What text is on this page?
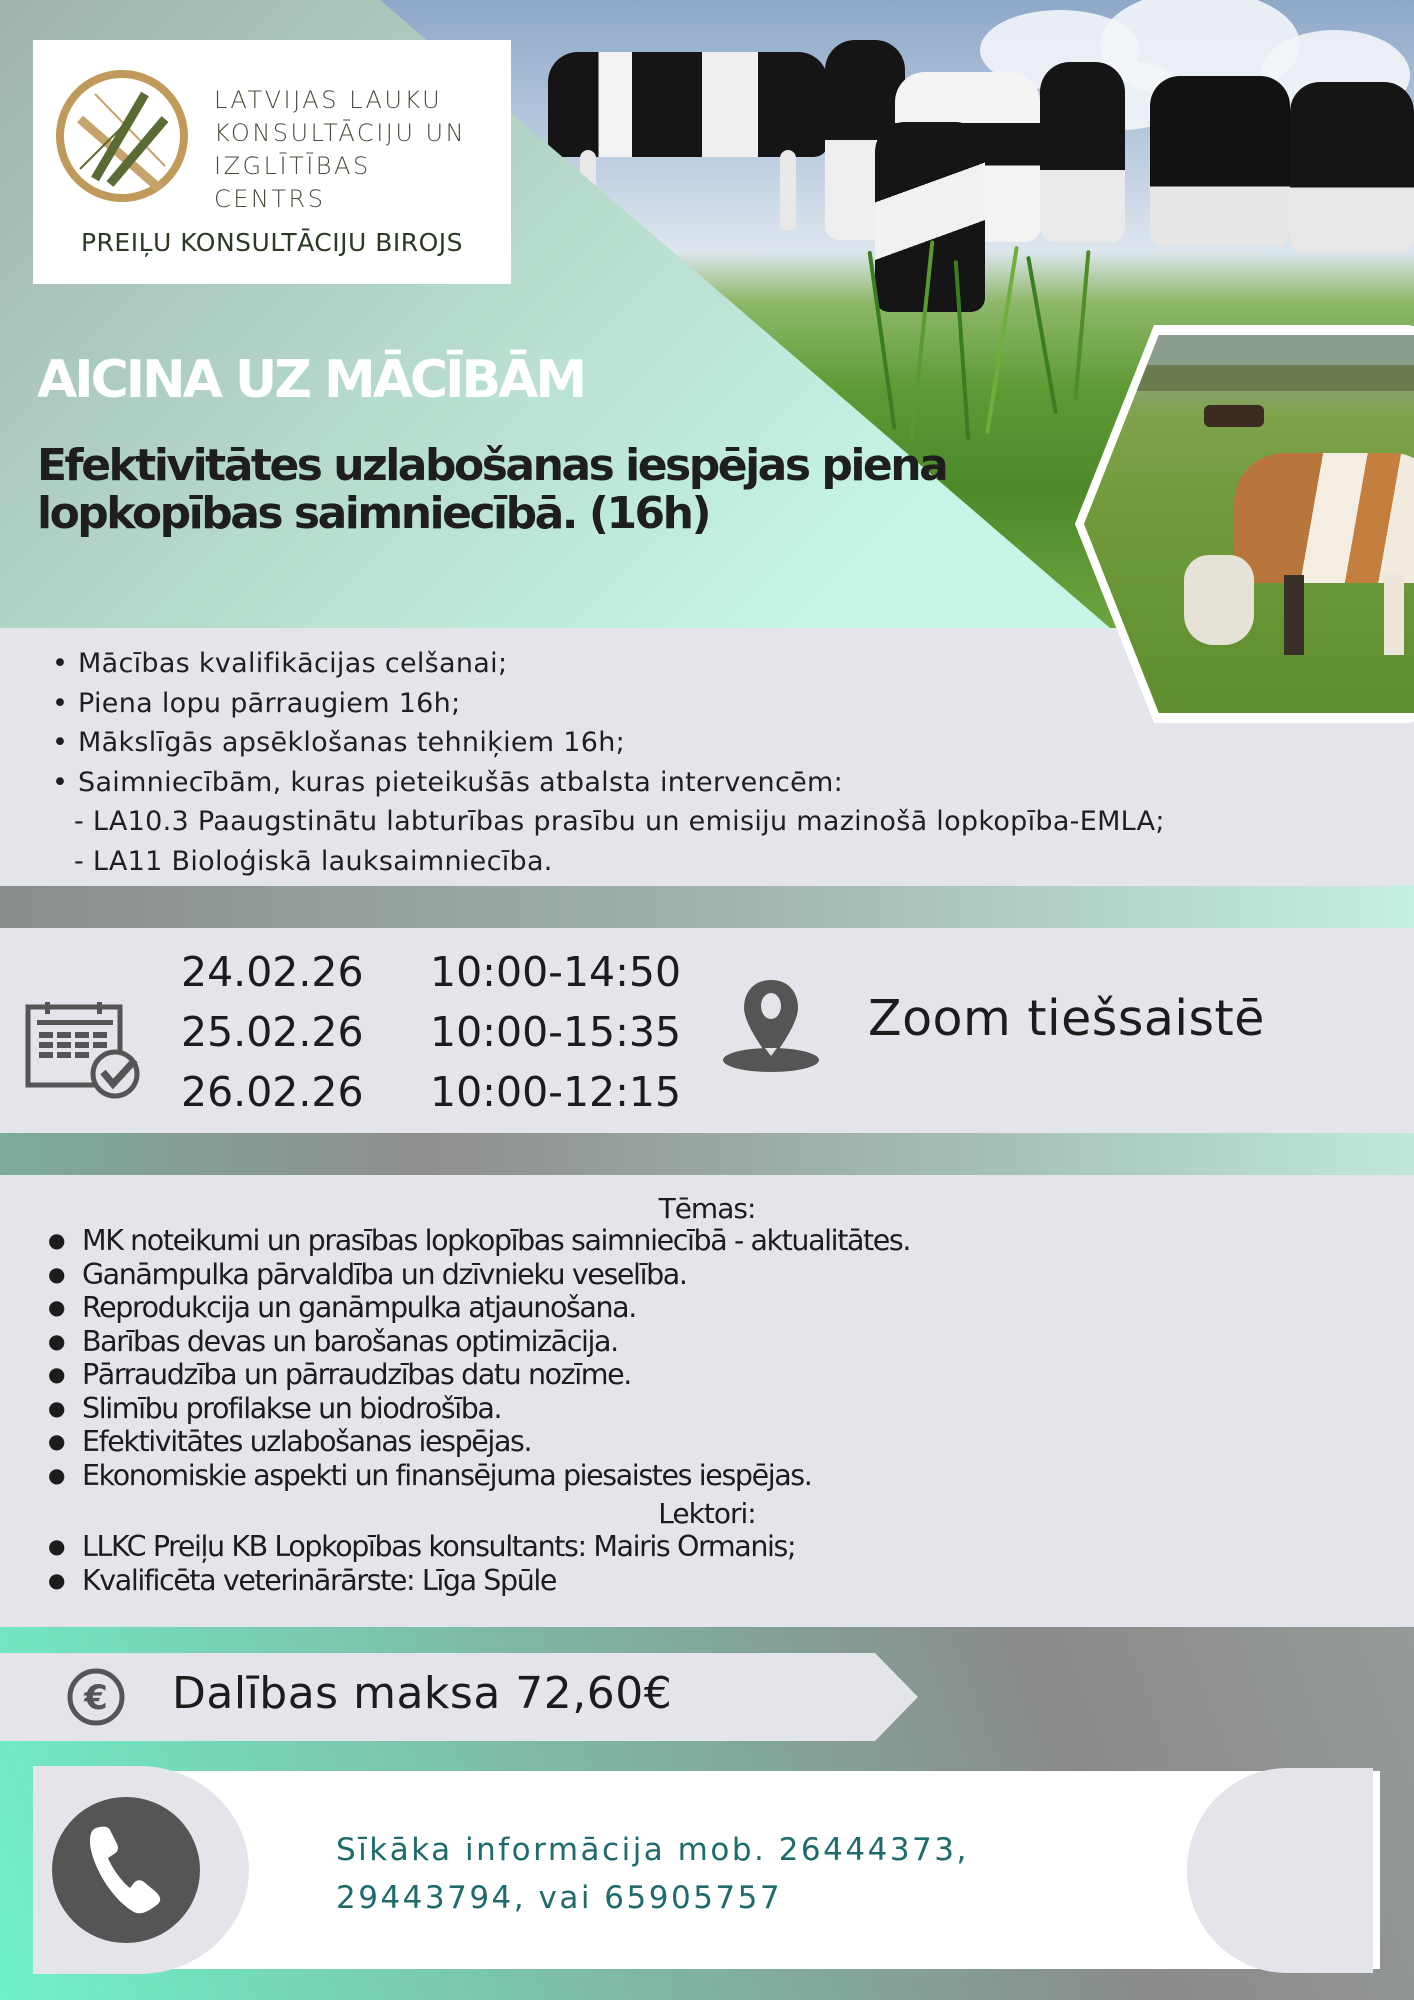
LATVIJAS LAUKU
KONSULTĀCIJU UN
IZGLĪTĪBAS CENTRS
PREIĻU KONSULTĀCIJU BIROJS
AICINA UZ MĀCĪBĀM
Efektivitātes uzlabošanas iespējas piena
lopkopības saimniecībā. (16h)
• Mācības kvalifikācijas celšanai;
• Piena lopu pārraugiem 16h;
• Mākslīgās apsēklošanas tehniķiem 16h;
• Saimniecībām, kuras pieteikušās atbalsta intervencēm:
- LA10.3 Paaugstinātu labturības prasību un emisiju mazinošā lopkopība-EMLA;
- LA11 Bioloģiskā lauksaimniecība.
24.02.26
25.02.26
26.02.26
10:00-14:50
10:00-15:35
10:00-12:15
Zoom tiešsaistē
Tēmas:
● MK noteikumi un prasības lopkopības saimniecībā - aktualitātes.
● Ganāmpulka pārvaldība un dzīvnieku veselība.
● Reprodukcija un ganāmpulka atjaunošana.
● Barības devas un barošanas optimizācija.
● Pārraudzība un pārraudzības datu nozīme.
● Slimību profilakse un biodrošība.
● Efektivitātes uzlabošanas iespējas.
● Ekonomiskie aspekti un finansējuma piesaistes iespējas.
Lektori:
● LLKC Preiļu KB Lopkopības konsultants: Mairis Ormanis;
● Kvalificēta veterinārārste: Līga Spūle
€ Dalības maksa 72,60€
Sīkāka informācija mob. 26444373,
29443794, vai 65905757
